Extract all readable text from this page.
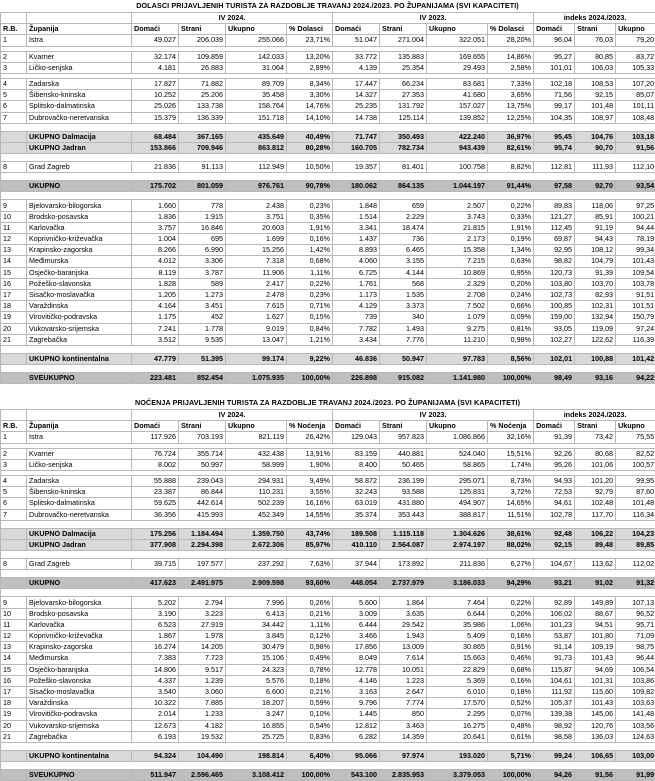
DOLASCI PRIJAVLJENIH TURISTA ZA RAZDOBLJE TRAVANJ 2024./2023. PO ŽUPANIJAMA (SVI KAPACITETI)
		IV 2024.				IV 2023.				indeks 2024./2023.		
R.B.	Županija	Domaći	Strani	Ukupno	% Dolasci	Domaći	Strani	Ukupno	% Dolasci	Domaći	Strani	Ukupno
1	Istra	49.027	206.039	255.066	23,71%	51.047	271.004	322.051	28,20%	96,04	76,03	79,20

2	Kvarner	32.174	109.859	142.033	13,20%	33.772	135.883	169.655	14,86%	95,27	80,85	83,72
3	Ličko-senjska	4.181	26.883	31.064	2,89%	4.139	25.354	29.493	2,58%	101,01	106,03	105,33

4	Zadarska	17.827	71.882	89.709	8,34%	17.447	66.234	83.681	7,33%	102,18	108,53	107,20
5	Šibensko-kninska	10.252	25.206	35.458	3,30%	14.327	27.353	41.680	3,65%	71,56	92,15	85,07
6	Splitsko-dalmatinska	25.026	133.738	158.764	14,76%	25.235	131.792	157.027	13,75%	99,17	101,48	101,11
7	Dubrovačko-neretvanska	15.379	136.339	151.718	14,10%	14.738	125.114	139.852	12,25%	104,35	108,97	108,48

	UKUPNO Dalmacija	68.484	367.165	435.649	40,49%	71.747	350.493	422.240	36,97%	95,45	104,76	103,18
	UKUPNO Jadran	153.866	709.946	863.812	80,28%	160.705	782.734	943.439	82,61%	95,74	90,70	91,56

8	Grad Zagreb	21.836	91.113	112.949	10,50%	19.357	81.401	100.758	8,82%	112,81	111,93	112,10

	UKUPNO	175.702	801.059	976.761	90,78%	180.062	864.135	1.044.197	91,44%	97,58	92,70	93,54

9	Bjelovarsko-bilogorska	1.660	778	2.438	0,23%	1.848	659	2.507	0,22%	89,83	118,06	97,25
10	Brodsko-posavska	1.836	1.915	3.751	0,35%	1.514	2.229	3.743	0,33%	121,27	85,91	100,21
11	Karlovačka	3.757	16.846	20.603	1,91%	3.341	18.474	21.815	1,91%	112,45	91,19	94,44
12	Koprivničko-križevačka	1.004	695	1.699	0,16%	1.437	736	2.173	0,19%	69,87	94,43	78,19
13	Krapinsko-zagorska	8.266	6.990	15.256	1,42%	8.893	6.465	15.358	1,34%	92,95	108,12	99,34
14	Međimurska	4.012	3.306	7.318	0,68%	4.060	3.155	7.215	0,63%	98,82	104,79	101,43
15	Osječko-baranjska	8.119	3.787	11.906	1,11%	6.725	4.144	10.869	0,95%	120,73	91,39	109,54
16	Požeško-slavonska	1.828	589	2.417	0,22%	1.761	568	2.329	0,20%	103,80	103,70	103,78
17	Sisačko-moslavačka	1.205	1.273	2.478	0,23%	1.173	1.535	2.708	0,24%	102,73	82,93	91,51
18	Varaždinska	4.164	3.451	7.615	0,71%	4.129	3.373	7.502	0,66%	100,85	102,31	101,51
19	Virovitičko-podravska	1.175	452	1.627	0,15%	739	340	1.079	0,09%	159,00	132,94	150,79
20	Vukovarsko-srijemska	7.241	1.778	9.019	0,84%	7.782	1.493	9.275	0,81%	93,05	119,09	97,24
21	Zagrebačka	3.512	9.535	13.047	1,21%	3.434	7.776	11.210	0,98%	102,27	122,62	116,39

	UKUPNO kontinentalna	47.779	51.395	99.174	9,22%	46.836	50.947	97.783	8,56%	102,01	100,88	101,42

	SVEUKUPNO	223.481	852.454	1.075.935	100,00%	226.898	915.082	1.141.980	100,00%	98,49	93,16	94,22
NOĆENJA PRIJAVLJENIH TURISTA ZA RAZDOBLJE TRAVANJ 2024./2023. PO ŽUPANIJAMA (SVI KAPACITETI)
		IV 2024.				IV 2023.				indeks 2024./2023.		
R.B.	Županija	Domaći	Strani	Ukupno	% Noćenja	Domaći	Strani	Ukupno	% Noćenja	Domaći	Strani	Ukupno
1	Istra	117.926	703.193	821.119	26,42%	129.043	957.823	1.086.866	32,16%	91,39	73,42	75,55

2	Kvarner	76.724	355.714	432.438	13,91%	83.159	440.881	524.040	15,51%	92,26	80,68	82,52
3	Ličko-senjska	8.002	50.997	58.999	1,90%	8.400	50.465	58.865	1,74%	95,26	101,06	100,57

4	Zadarska	55.888	239.043	294.931	9,49%	58.872	236.199	295.071	8,73%	94,93	101,20	99,95
5	Šibensko-kninska	23.387	86.844	110.231	3,55%	32.243	93.588	125.831	3,72%	72,53	92,79	87,60
6	Splitsko-dalmatinska	59.625	442.614	502.239	16,16%	63.019	431.880	494.907	14,65%	94,61	102,48	101,48
7	Dubrovačko-neretvanska	36.356	415.993	452.349	14,55%	35.374	353.443	388.817	11,51%	102,78	117,70	116,34

	UKUPNO Dalmacija	175.256	1.184.494	1.359.750	43,74%	189.508	1.115.118	1.304.626	38,61%	92,48	106,22	104,23
	UKUPNO Jadran	377.908	2.294.398	2.672.306	85,97%	410.110	2.564.087	2.974.197	88,02%	92,15	89,48	89,85

8	Grad Zagreb	39.715	197.577	237.292	7,63%	37.944	173.892	211.836	6,27%	104,67	113,62	112,02

	UKUPNO	417.623	2.491.975	2.909.598	93,60%	448.054	2.737.979	3.186.033	94,29%	93,21	91,02	91,32

9	Bjelovarsko-bilogorska	5.202	2.794	7.996	0,26%	5.600	1.864	7.464	0,22%	92,89	149,89	107,13
10	Brodsko-posavska	3.190	3.223	6.413	0,21%	3.009	3.635	6.644	0,20%	106,02	88,67	96,52
11	Karlovačka	6.523	27.919	34.442	1,11%	6.444	29.542	35.986	1,06%	101,23	94,51	95,71
12	Koprivničko-križevačka	1.867	1.978	3.845	0,12%	3.466	1.943	5.409	0,16%	53,87	101,80	71,09
13	Krapinsko-zagorska	16.274	14.205	30.479	0,98%	17.856	13.009	30.865	0,91%	91,14	109,19	98,75
14	Međimurska	7.383	7.723	15.106	0,49%	8.049	7.614	15.663	0,46%	91,73	101,43	96,44
15	Osječko-baranjska	14.806	9.517	24.323	0,78%	12.778	10.051	22.829	0,68%	115,87	94,69	106,54
16	Požeško-slavonska	4.337	1.239	5.576	0,18%	4.146	1.223	5.369	0,16%	104,61	101,31	103,86
17	Sisačko-moslavačka	3.540	3.060	6.600	0,21%	3.163	2.647	6.010	0,18%	111,92	115,60	109,82
18	Varaždinska	10.322	7.885	18.207	0,59%	9.796	7.774	17.570	0,52%	105,37	101,43	103,63
19	Virovitičko-podravska	2.014	1.233	3.247	0,10%	1.445	850	2.295	0,07%	139,38	145,06	141,48
20	Vukovarsko-srijemska	12.673	4.182	16.855	0,54%	12.812	3.463	16.275	0,48%	98,92	120,76	103,56
21	Zagrebačka	6.193	19.532	25.725	0,83%	6.282	14.359	20.641	0,61%	98,58	136,03	124,63

	UKUPNO kontinentalna	94.324	104.490	198.814	6,40%	95.066	97.974	193.020	5,71%	99,24	106,65	103,00

	SVEUKUPNO	511.947	2.596.465	3.108.412	100,00%	543.100	2.835.953	3.379.053	100,00%	94,26	91,56	91,99
